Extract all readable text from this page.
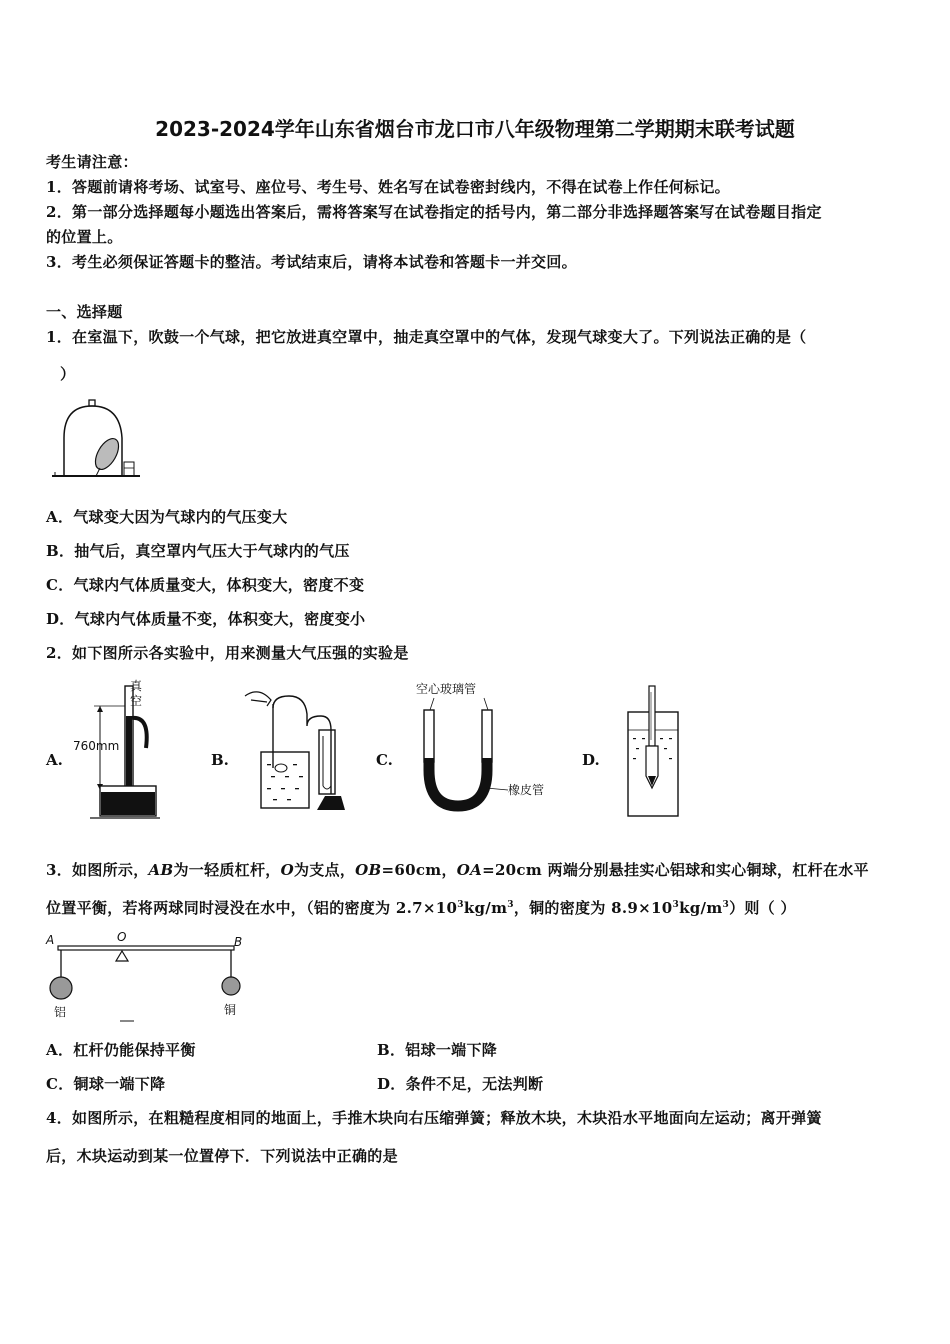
2023-2024学年山东省烟台市龙口市八年级物理第二学期期末联考试题
考生请注意：
1．答题前请将考场、试室号、座位号、考生号、姓名写在试卷密封线内，不得在试卷上作任何标记。
2．第一部分选择题每小题选出答案后，需将答案写在试卷指定的括号内，第二部分非选择题答案写在试卷题目指定
的位置上。
3．考生必须保证答题卡的整洁。考试结束后，请将本试卷和答题卡一并交回。
一、选择题
1．在室温下，吹鼓一个气球，把它放进真空罩中，抽走真空罩中的气体，发现气球变大了。下列说法正确的是（
）
A．气球变大因为气球内的气压变大
B．抽气后，真空罩内气压大于气球内的气压
C．气球内气体质量变大，体积变大，密度不变
D．气球内气体质量不变，体积变大，密度变小
2．如下图所示各实验中，用来测量大气压强的实验是
A.	B.	C.	D.
真
空
760mm
空心玻璃管
橡皮管
3．如图所示，AB为一轻质杠杆，O为支点，OB=60cm，OA=20cm 两端分别悬挂实心铝球和实心铜球，杠杆在水平
位置平衡，若将两球同时浸没在水中，（铝的密度为 $2.7\times 10^3kg/m^3$，铜的密度为 $8.9\times 10^3kg/m^3$）则（ ）
A	O	B
铝	铜
A．杠杆仍能保持平衡	B．铝球一端下降
C．铜球一端下降	D．条件不足，无法判断
4．如图所示，在粗糙程度相同的地面上，手推木块向右压缩弹簧；释放木块，木块沿水平地面向左运动；离开弹簧
后，木块运动到某一位置停下．下列说法中正确的是
